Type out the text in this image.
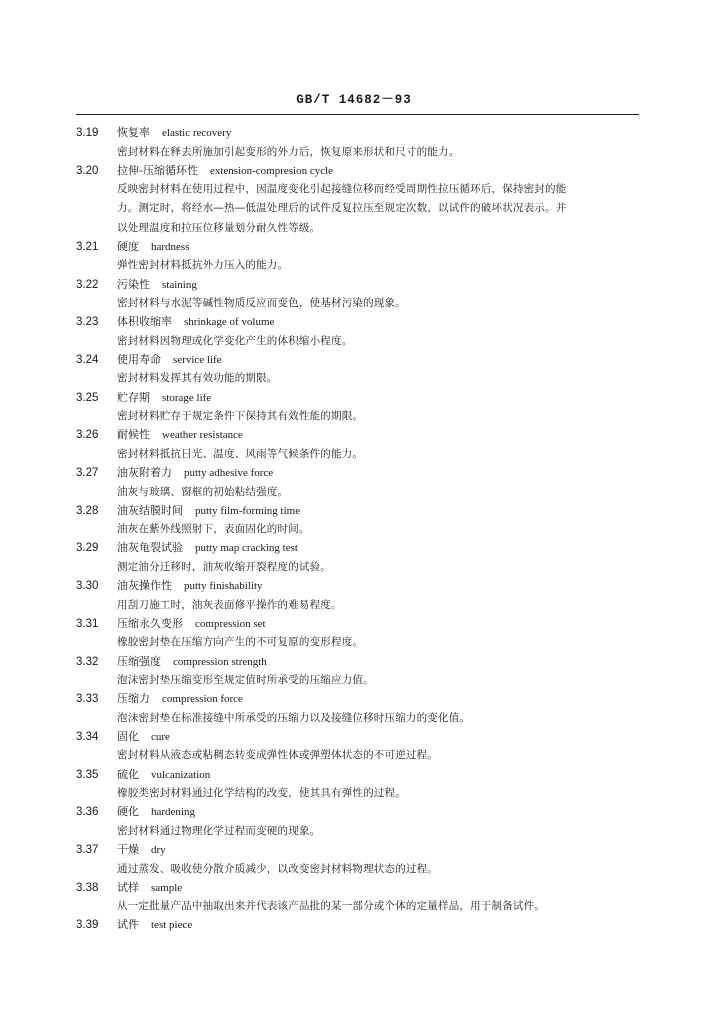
GB/T 14682－93
3.19 恢复率 elastic recovery

密封材料在释去所施加引起变形的外力后，恢复原来形状和尺寸的能力。

3.20 拉伸-压缩循环性 extension-compresion cycle

反映密封材料在使用过程中，因温度变化引起接缝位移而经受周期性拉压循环后，保持密封的能

力。测定时，将经水—热—低温处理后的试件反复拉压至规定次数，以试件的破坏状况表示。并

以处理温度和拉压位移量划分耐久性等级。

3.21 硬度 hardness

弹性密封材料抵抗外力压入的能力。

3.22 污染性 staining

密封材料与水泥等碱性物质反应而变色，使基材污染的现象。

3.23 体积收缩率 shrinkage of volume

密封材料因物理或化学变化产生的体积缩小程度。

3.24 使用寿命 service life

密封材料发挥其有效功能的期限。

3.25 贮存期 storage life

密封材料贮存于规定条件下保持其有效性能的期限。

3.26 耐候性 weather resistance

密封材料抵抗日光、温度、风雨等气候条件的能力。

3.27 油灰附着力 putty adhesive force

油灰与玻璃、窗框的初始粘结强度。

3.28 油灰结膜时间 putty film-forming time

油灰在紫外线照射下，表面固化的时间。

3.29 油灰龟裂试验 putty map cracking test

测定油分迁移时，油灰收缩开裂程度的试验。

3.30 油灰操作性 putty finishability

用刮刀施工时，油灰表面修平操作的难易程度。

3.31 压缩永久变形 compression set

橡胶密封垫在压缩方向产生的不可复原的变形程度。

3.32 压缩强度 compression strength

泡沫密封垫压缩变形至规定值时所承受的压缩应力值。

3.33 压缩力 compression force

泡沫密封垫在标准接缝中所承受的压缩力以及接缝位移时压缩力的变化值。

3.34 固化 cure

密封材料从液态或粘稠态转变成弹性体或弹塑体状态的不可逆过程。

3.35 硫化 vulcanization

橡胶类密封材料通过化学结构的改变，使其具有弹性的过程。

3.36 硬化 hardening

密封材料通过物理化学过程而变硬的现象。

3.37 干燥 dry

通过蒸发、吸收使分散介质减少，以改变密封材料物理状态的过程。

3.38 试样 sample

从一定批量产品中抽取出来并代表该产品批的某一部分或个体的定量样品，用于制备试件。

3.39 试件 test piece
